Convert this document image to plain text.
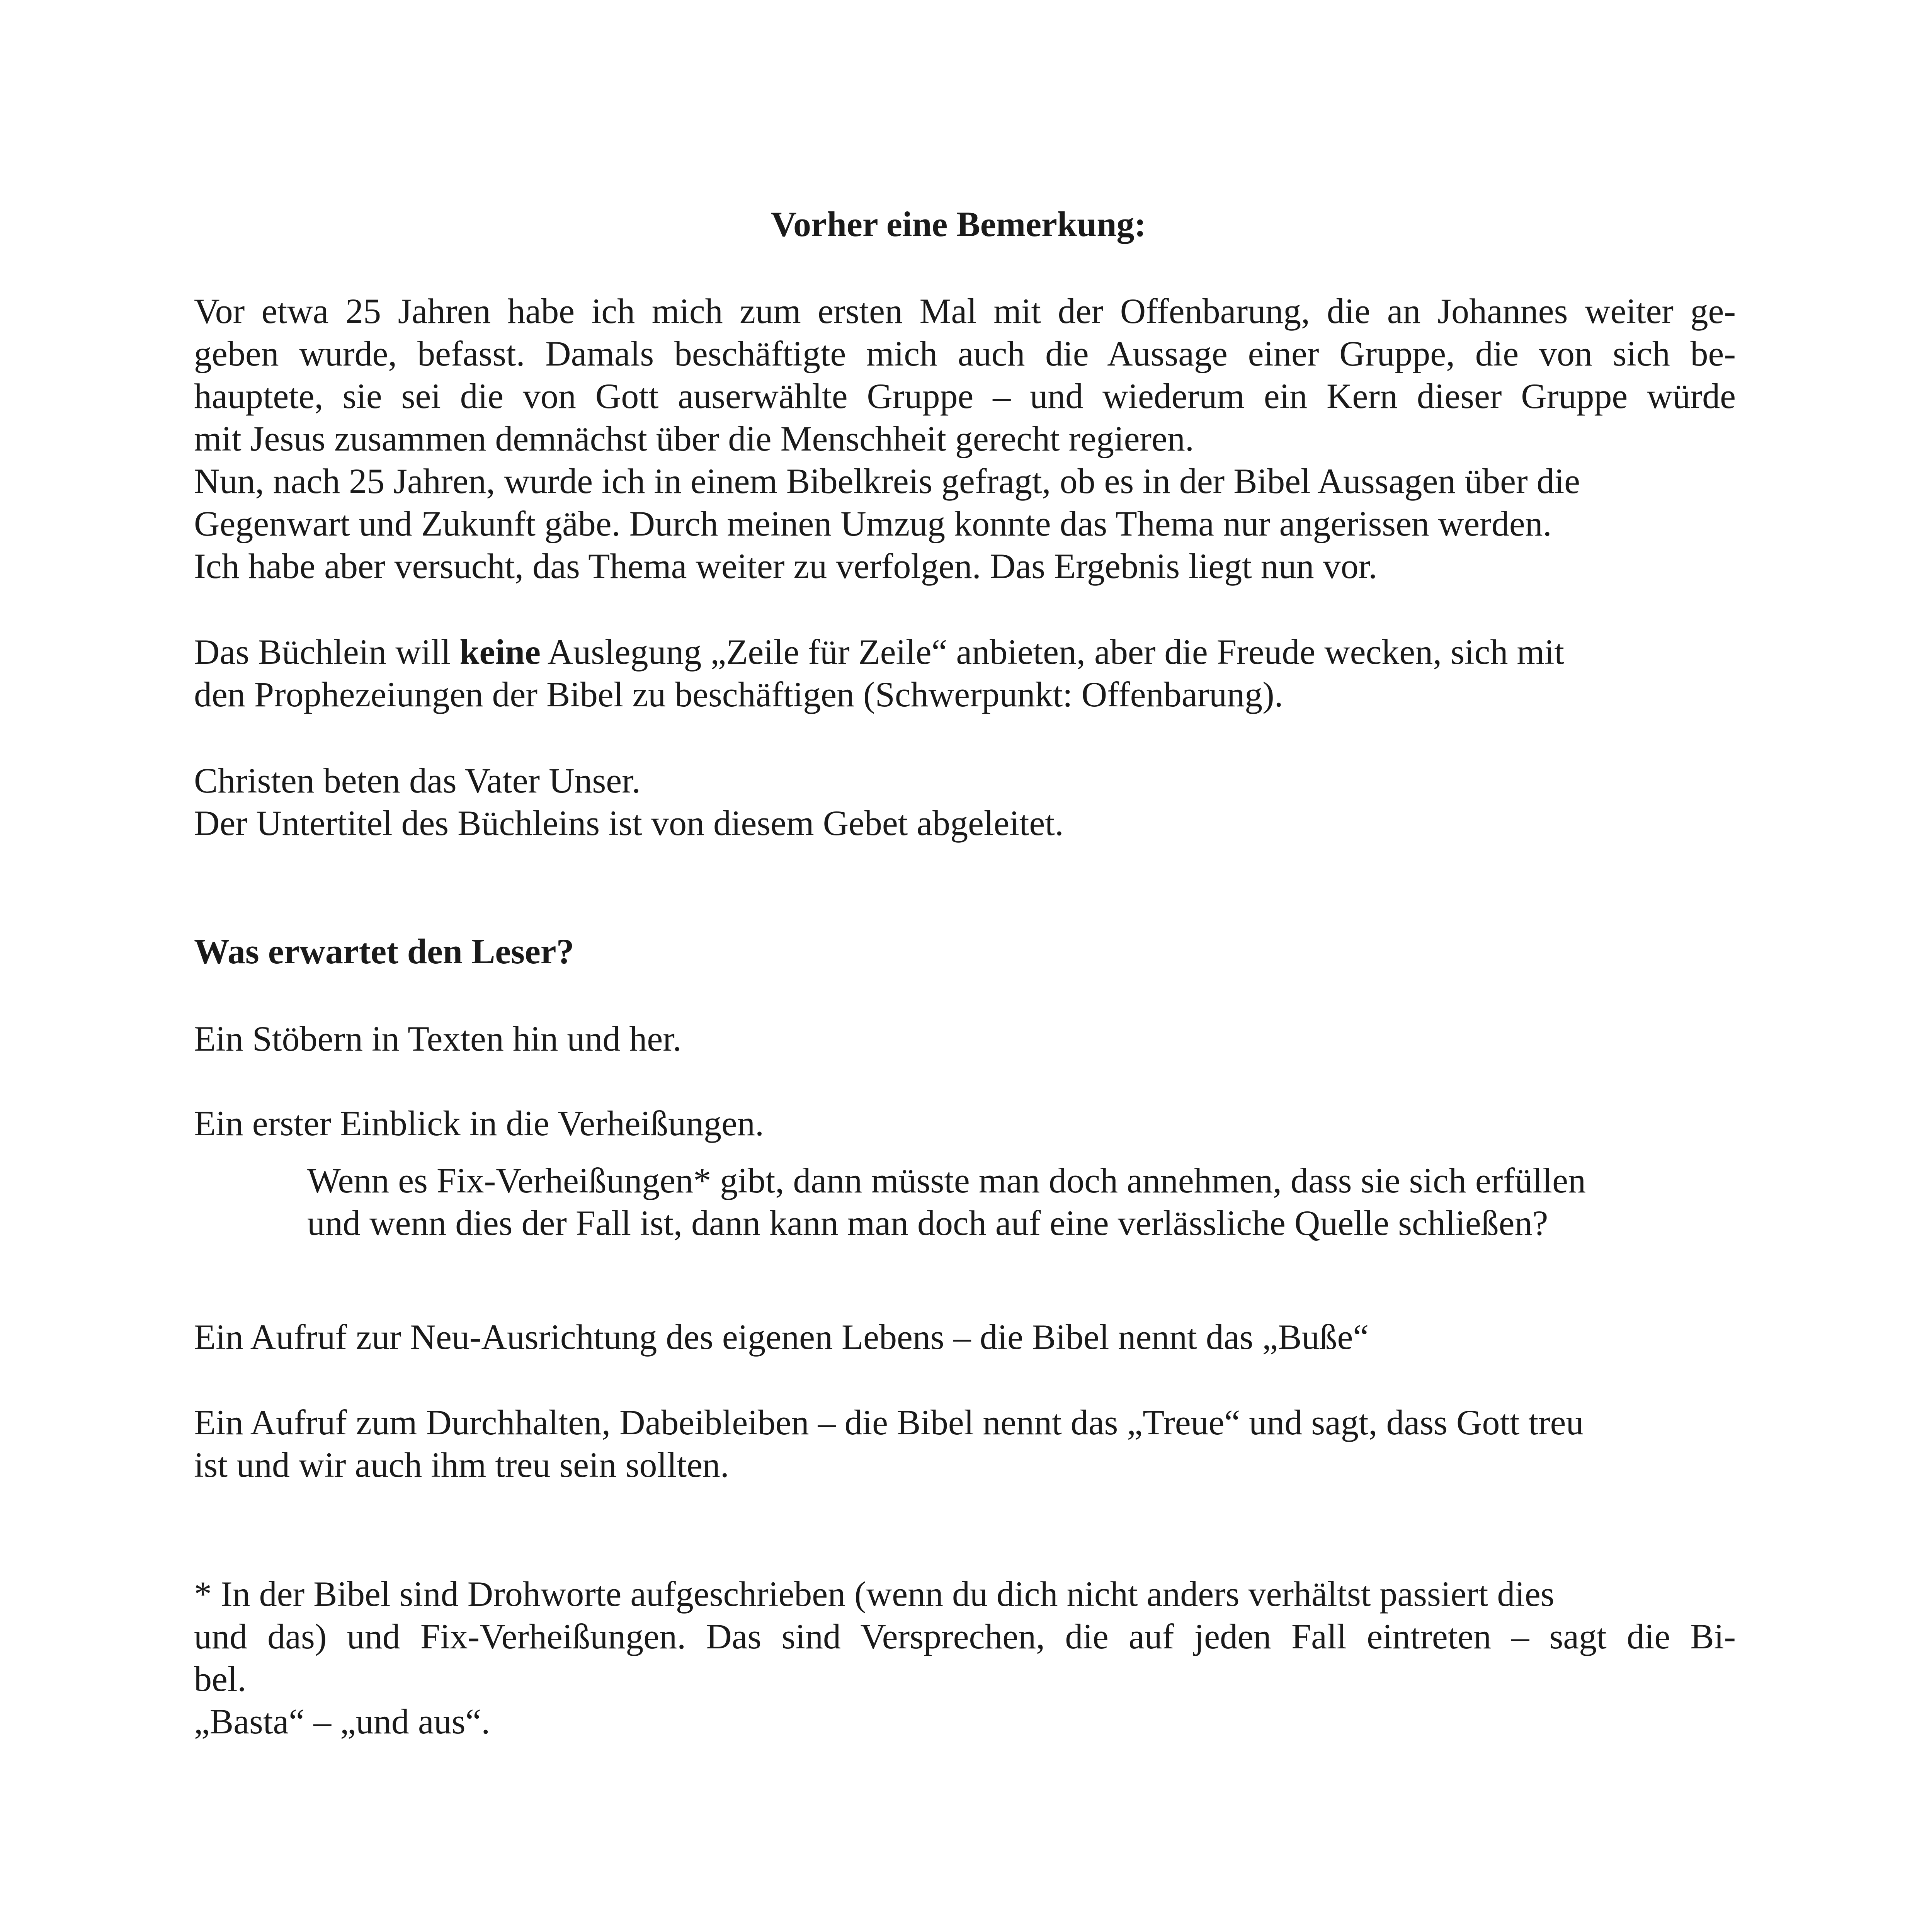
Vorher eine Bemerkung:
Vor etwa 25 Jahren habe ich mich zum ersten Mal mit der Offenbarung, die an Johannes weiter ge-
geben wurde, befasst. Damals beschäftigte mich auch die Aussage einer Gruppe, die von sich be-
hauptete, sie sei die von Gott auserwählte Gruppe – und wiederum ein Kern dieser Gruppe würde
mit Jesus zusammen demnächst über die Menschheit gerecht regieren.
Nun, nach 25 Jahren, wurde ich in einem Bibelkreis gefragt, ob es in der Bibel Aussagen über die
Gegenwart und Zukunft gäbe. Durch meinen Umzug konnte das Thema nur angerissen werden.
Ich habe aber versucht, das Thema weiter zu verfolgen. Das Ergebnis liegt nun vor.
Das Büchlein will keine Auslegung „Zeile für Zeile“ anbieten, aber die Freude wecken, sich mit
den Prophezeiungen der Bibel zu beschäftigen (Schwerpunkt: Offenbarung).
Christen beten das Vater Unser.
Der Untertitel des Büchleins ist von diesem Gebet abgeleitet.
Was erwartet den Leser?
Ein Stöbern in Texten hin und her.
Ein erster Einblick in die Verheißungen.
Wenn es Fix-Verheißungen* gibt, dann müsste man doch annehmen, dass sie sich erfüllen
und wenn dies der Fall ist, dann kann man doch auf eine verlässliche Quelle schließen?
Ein Aufruf zur Neu-Ausrichtung des eigenen Lebens – die Bibel nennt das „Buße“
Ein Aufruf zum Durchhalten, Dabeibleiben – die Bibel nennt das „Treue“ und sagt, dass Gott treu
ist und wir auch ihm treu sein sollten.
* In der Bibel sind Drohworte aufgeschrieben (wenn du dich nicht anders verhältst passiert dies
und das) und Fix-Verheißungen. Das sind Versprechen, die auf jeden Fall eintreten – sagt die Bi-
bel.
„Basta“ – „und aus“.
